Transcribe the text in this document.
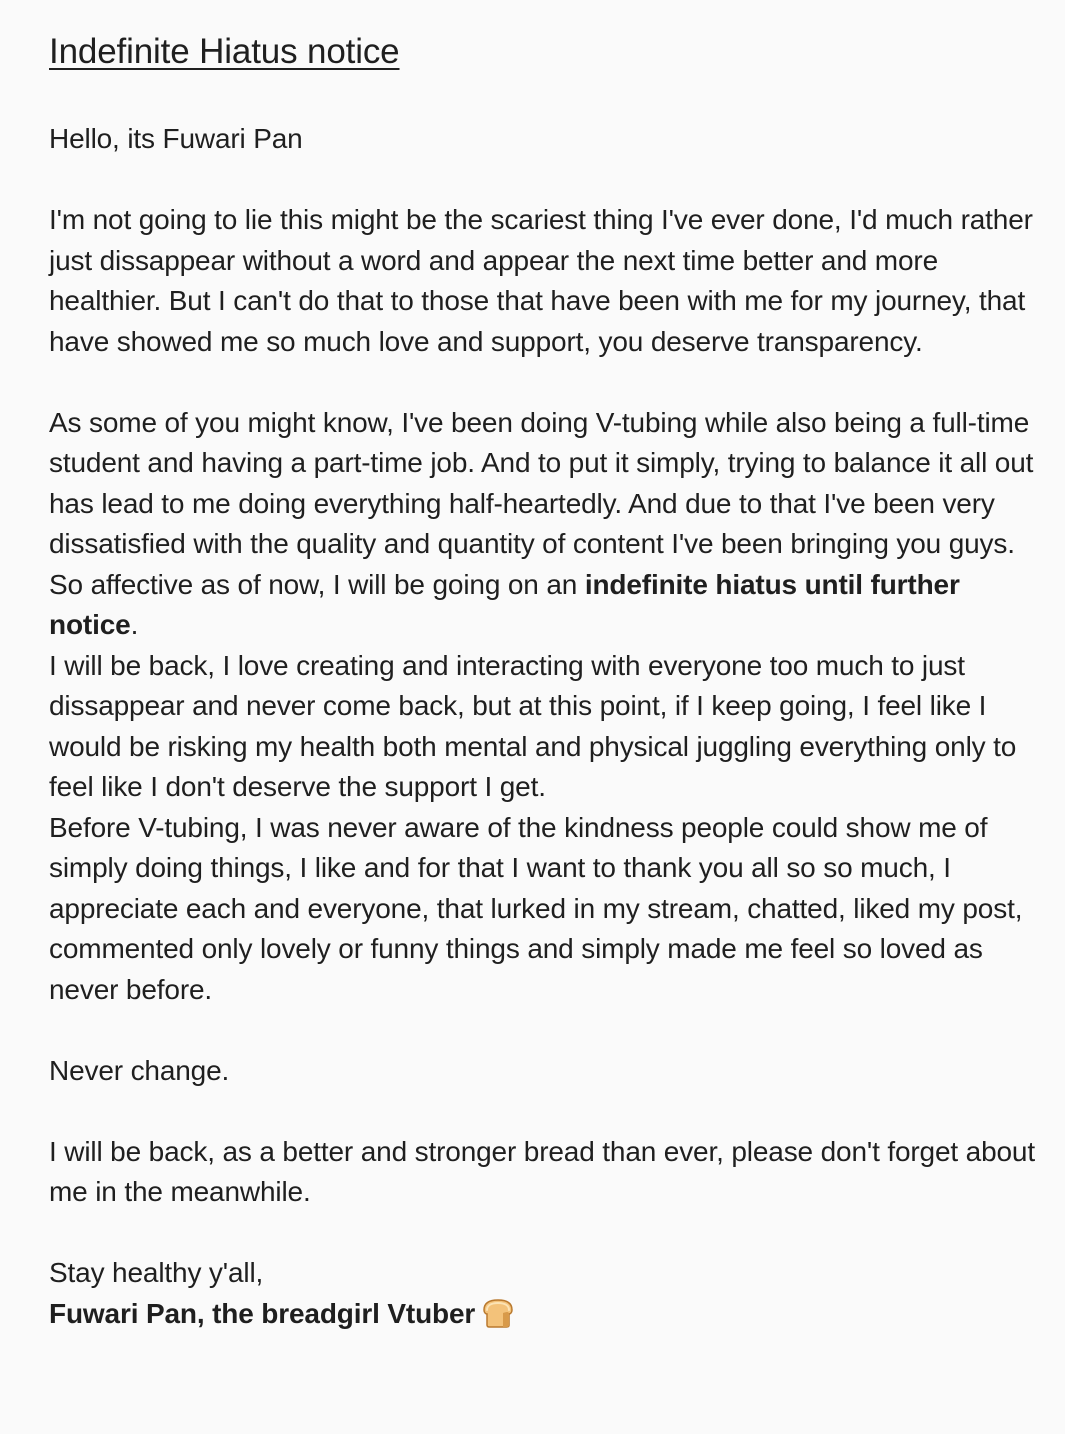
Indefinite Hiatus notice

Hello, its Fuwari Pan

I'm not going to lie this might be the scariest thing I've ever done, I'd much rather just dissappear without a word and appear the next time better and more healthier. But I can't do that to those that have been with me for my journey, that have showed me so much love and support, you deserve transparency.

As some of you might know, I've been doing V-tubing while also being a full-time student and having a part-time job. And to put it simply, trying to balance it all out has lead to me doing everything half-heartedly. And due to that I've been very dissatisfied with the quality and quantity of content I've been bringing you guys.

So affective as of now, I will be going on an indefinite hiatus until further notice.

I will be back, I love creating and interacting with everyone too much to just dissappear and never come back, but at this point, if I keep going, I feel like I would be risking my health both mental and physical juggling everything only to feel like I don't deserve the support I get.

Before V-tubing, I was never aware of the kindness people could show me of simply doing things, I like and for that I want to thank you all so so much, I appreciate each and everyone, that lurked in my stream, chatted, liked my post, commented only lovely or funny things and simply made me feel so loved as never before.

Never change.

I will be back, as a better and stronger bread than ever, please don't forget about me in the meanwhile.

Stay healthy y'all,

Fuwari Pan, the breadgirl Vtuber
